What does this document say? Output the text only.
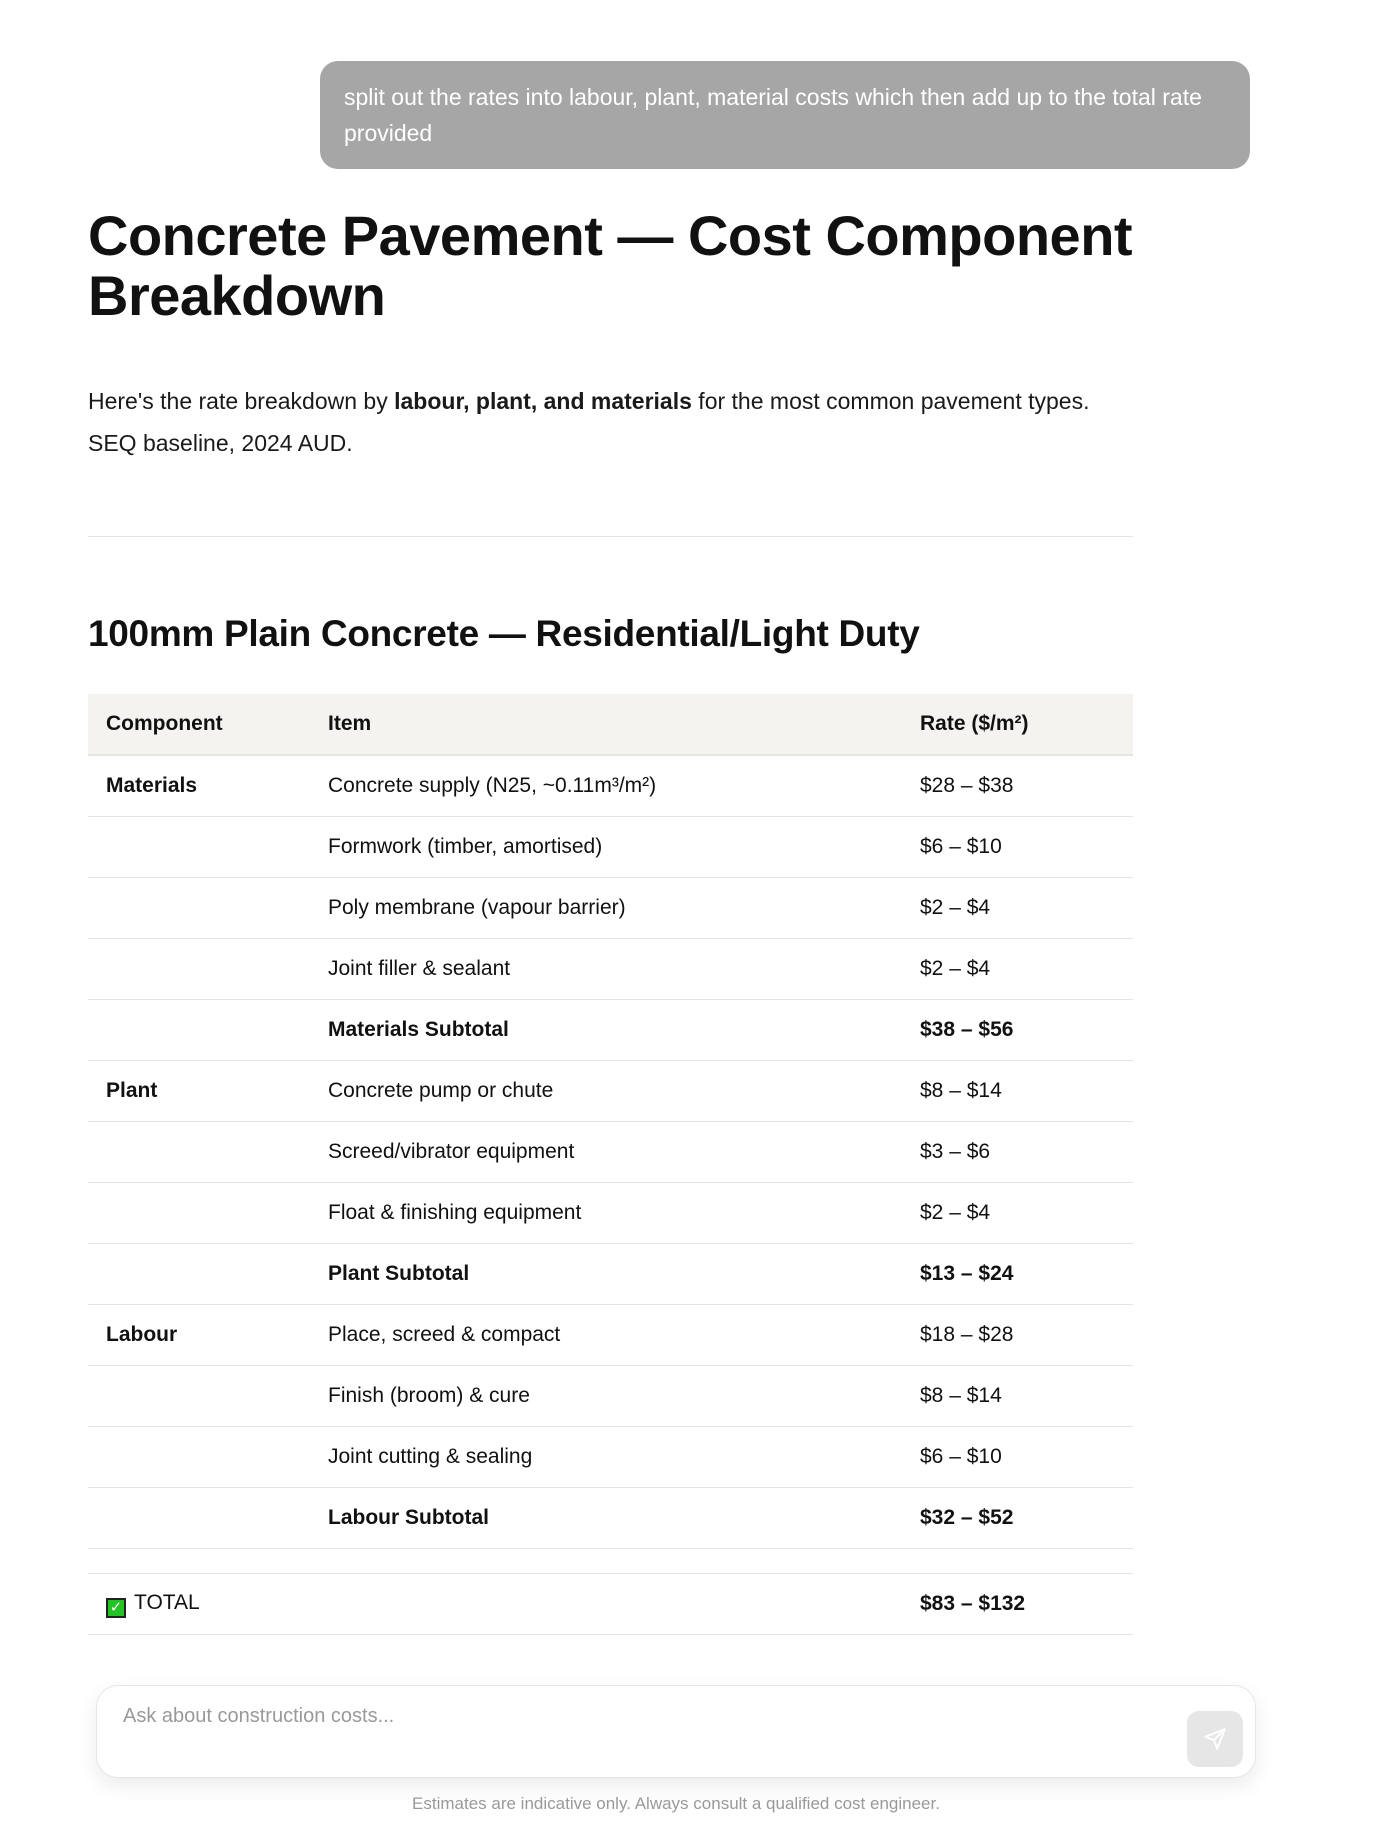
split out the rates into labour, plant, material costs which then add up to the total rate provided
Concrete Pavement — Cost Component Breakdown

Here's the rate breakdown by labour, plant, and materials for the most common pavement types. SEQ baseline, 2024 AUD.

100mm Plain Concrete — Residential/Light Duty
Component	Item	Rate ($/m²)
Materials	Concrete supply (N25, ~0.11m³/m²)	$28 – $38
	Formwork (timber, amortised)	$6 – $10
	Poly membrane (vapour barrier)	$2 – $4
	Joint filler & sealant	$2 – $4
	Materials Subtotal	$38 – $56
Plant	Concrete pump or chute	$8 – $14
	Screed/vibrator equipment	$3 – $6
	Float & finishing equipment	$2 – $4
	Plant Subtotal	$13 – $24
Labour	Place, screed & compact	$18 – $28
	Finish (broom) & cure	$8 – $14
	Joint cutting & sealing	$6 – $10
	Labour Subtotal	$32 – $52

✓ TOTAL		$83 – $132
Ask about construction costs...
Estimates are indicative only. Always consult a qualified cost engineer.
